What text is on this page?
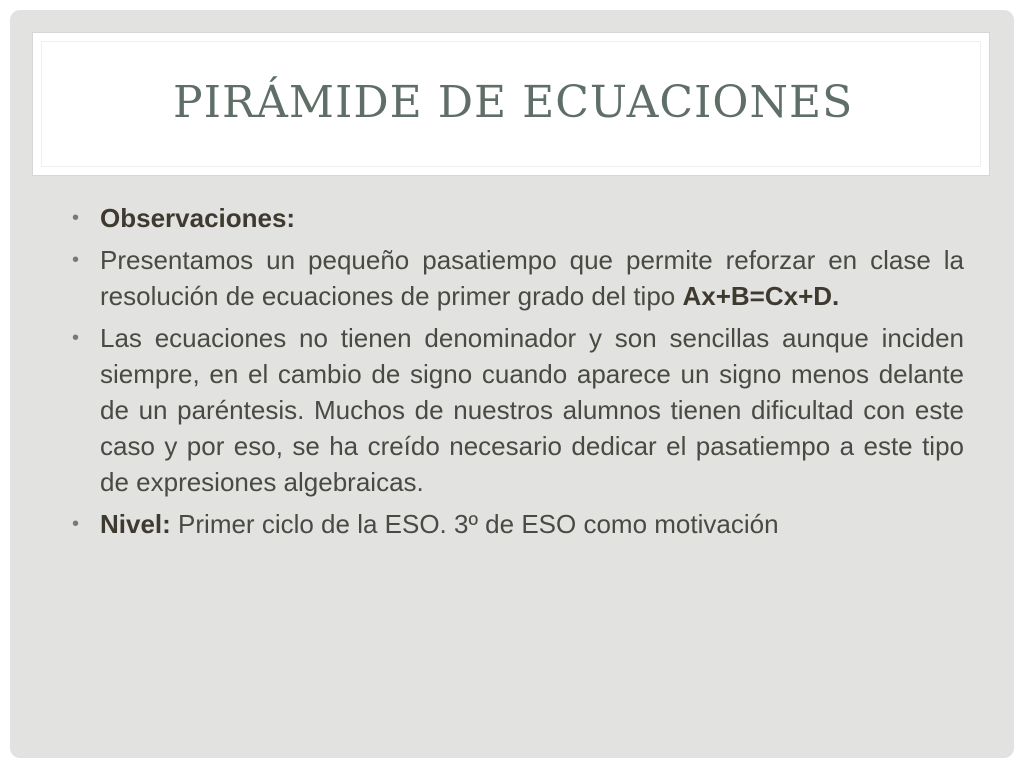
PIRÁMIDE DE ECUACIONES

• Observaciones:

• Presentamos un pequeño pasatiempo que permite reforzar en clase la resolución de ecuaciones de primer grado del tipo Ax+B=Cx+D.

• Las ecuaciones no tienen denominador y son sencillas aunque inciden siempre, en el cambio de signo cuando aparece un signo menos delante de un paréntesis. Muchos de nuestros alumnos tienen dificultad con este caso y por eso, se ha creído necesario dedicar el pasatiempo a este tipo de expresiones algebraicas.

• Nivel: Primer ciclo de la ESO. 3º de ESO como motivación
